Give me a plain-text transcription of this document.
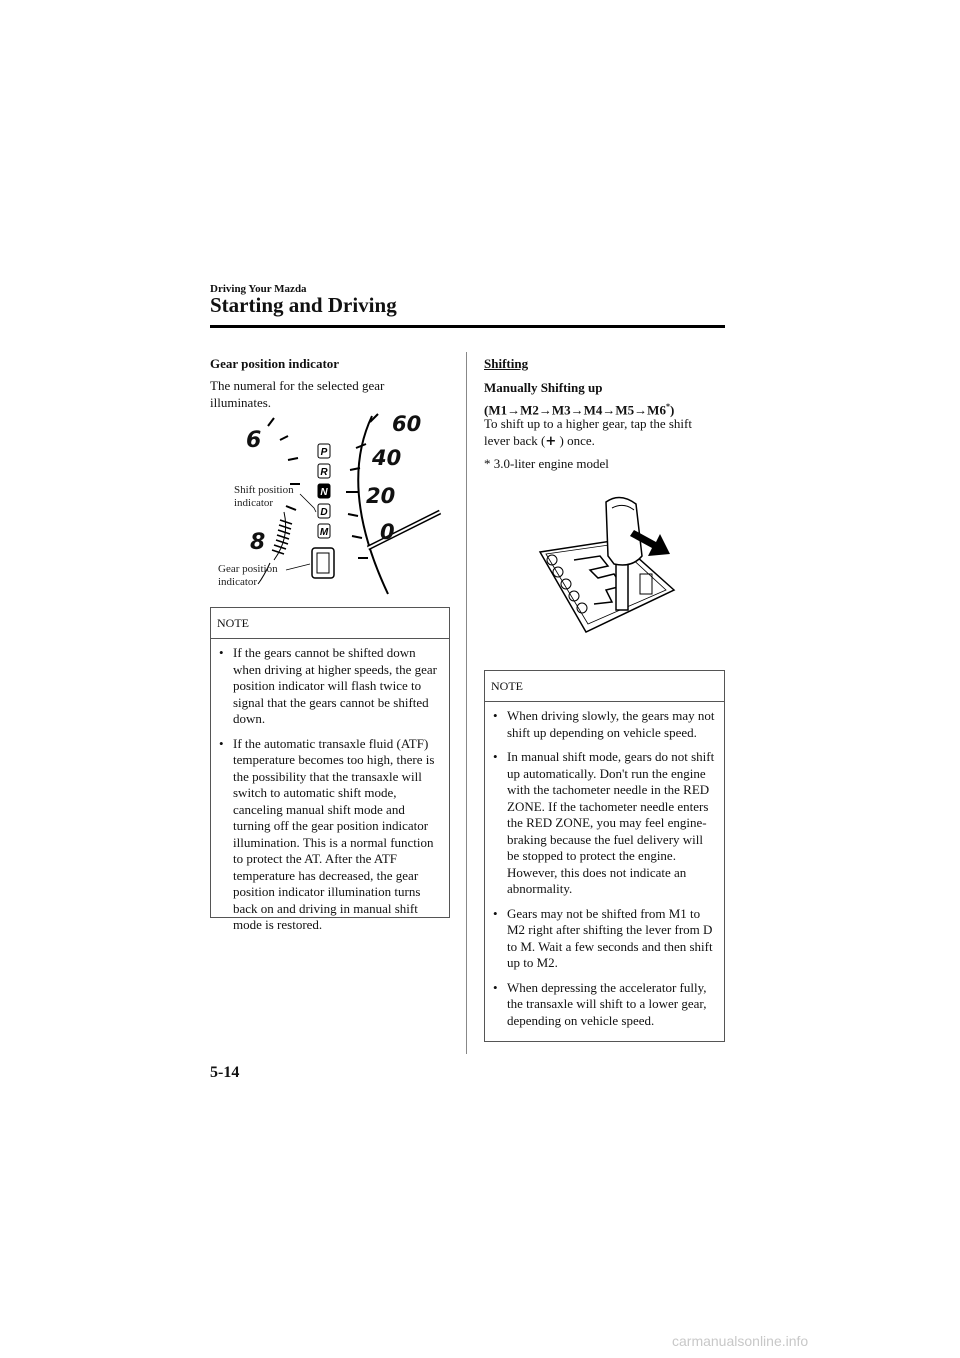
Driving Your Mazda
Starting and Driving
Gear position indicator
The numeral for the selected gear illuminates.
P
R
N
D
M
6
8
60
40
20
0
Shift position
indicator
Gear position
indicator
NOTE
• If the gears cannot be shifted down when driving at higher speeds, the gear position indicator will flash twice to signal that the gears cannot be shifted down.
• If the automatic transaxle fluid (ATF) temperature becomes too high, there is the possibility that the transaxle will switch to automatic shift mode, canceling manual shift mode and turning off the gear position indicator illumination. This is a normal function to protect the AT. After the ATF temperature has decreased, the gear position indicator illumination turns back on and driving in manual shift mode is restored.
Shifting
Manually Shifting up
(M1→M2→M3→M4→M5→M6*)
To shift up to a higher gear, tap the shift lever back (+ ) once.
* 3.0-liter engine model
NOTE
• When driving slowly, the gears may not shift up depending on vehicle speed.
• In manual shift mode, gears do not shift up automatically. Don't run the engine with the tachometer needle in the RED ZONE. If the tachometer needle enters the RED ZONE, you may feel engine-braking because the fuel delivery will be stopped to protect the engine. However, this does not indicate an abnormality.
• Gears may not be shifted from M1 to M2 right after shifting the lever from D to M. Wait a few seconds and then shift up to M2.
• When depressing the accelerator fully, the transaxle will shift to a lower gear, depending on vehicle speed.
5-14
carmanualsonline.info
